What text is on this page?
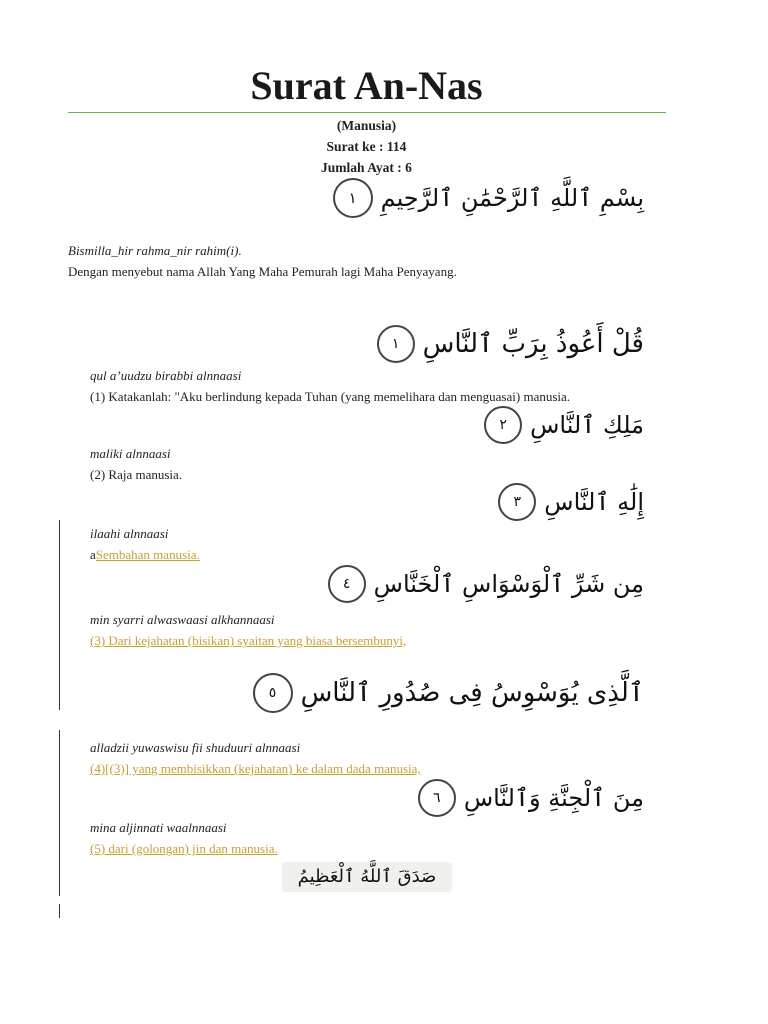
Surat An-Nas
(Manusia)
Surat ke : 114
Jumlah Ayat : 6
بِسْمِ ٱللَّهِ ٱلرَّحْمَٰنِ ٱلرَّحِيمِ
١
Bismilla_hir rahma_nir rahim(i).
Dengan menyebut nama Allah Yang Maha Pemurah lagi Maha Penyayang.
قُلْ أَعُوذُ بِرَبِّ ٱلنَّاسِ
١
qul a’uudzu birabbi alnnaasi
(1) Katakanlah: "Aku berlindung kepada Tuhan (yang memelihara dan menguasai) manusia.
مَلِكِ ٱلنَّاسِ
٢
maliki alnnaasi
(2) Raja manusia.
إِلَٰهِ ٱلنَّاسِ
٣
ilaahi alnnaasi
aSembahan manusia.
مِن شَرِّ ٱلْوَسْوَاسِ ٱلْخَنَّاسِ
٤
min syarri alwaswaasi alkhannaasi
(3) Dari kejahatan (bisikan) syaitan yang biasa bersembunyi,
ٱلَّذِى يُوَسْوِسُ فِى صُدُورِ ٱلنَّاسِ
٥
alladzii yuwaswisu fii shuduuri alnnaasi
(4)[(3)] yang membisikkan (kejahatan) ke dalam dada manusia,
مِنَ ٱلْجِنَّةِ وَٱلنَّاسِ
٦
mina aljinnati waalnnaasi
(5) dari (golongan) jin dan manusia.
صَدَقَ ٱللَّهُ ٱلْعَظِيمُ
